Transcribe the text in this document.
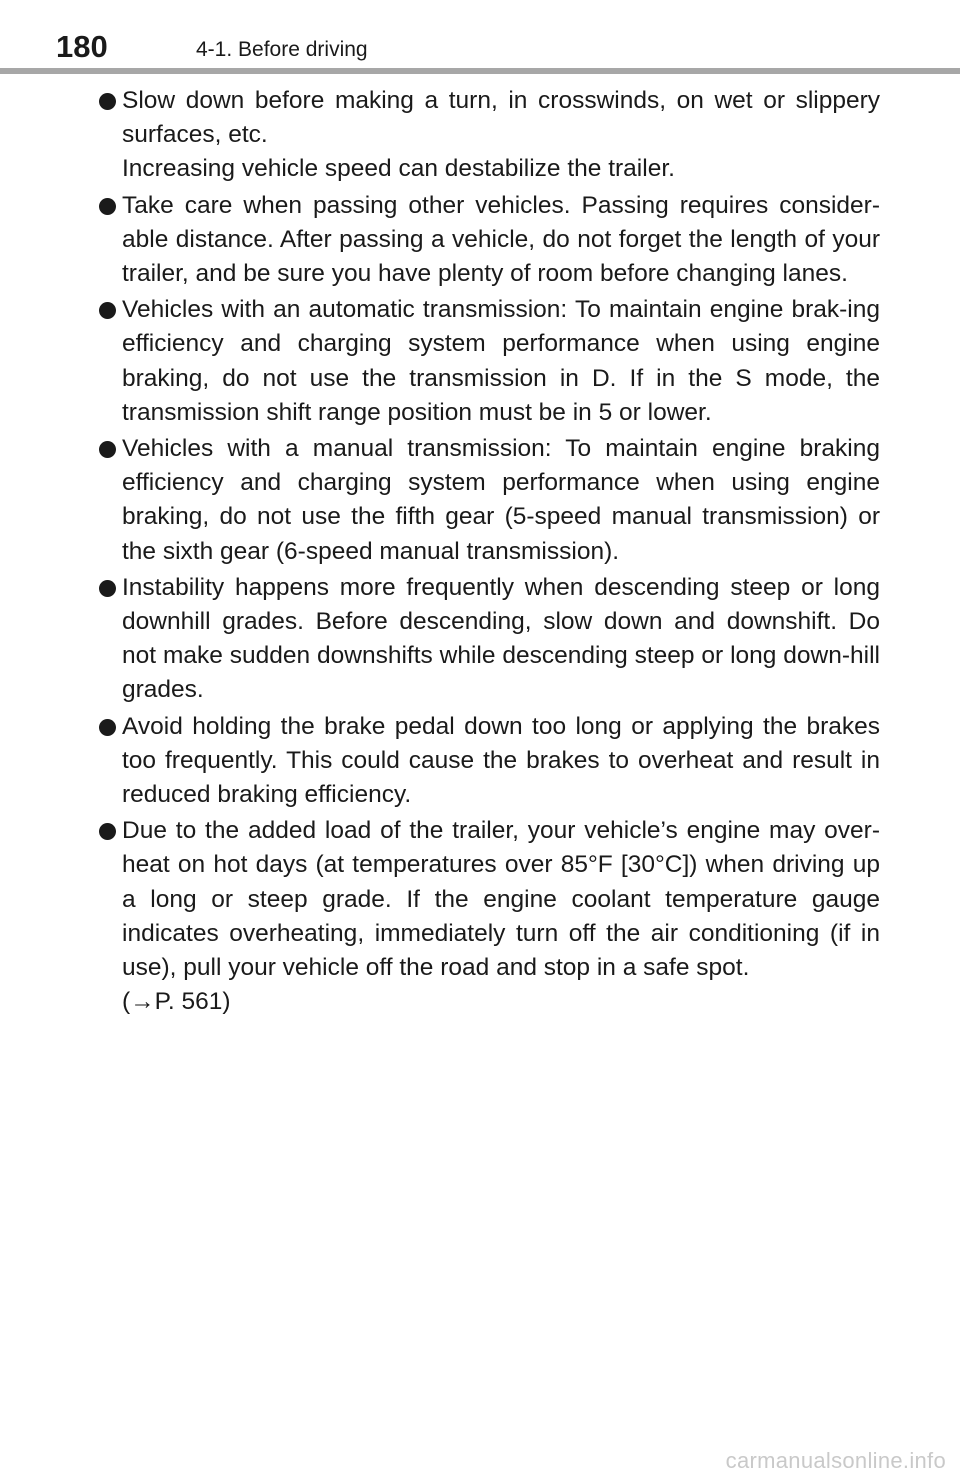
180	4-1. Before driving
Slow down before making a turn, in crosswinds, on wet or slippery surfaces, etc.
Increasing vehicle speed can destabilize the trailer.
Take care when passing other vehicles. Passing requires consider-able distance. After passing a vehicle, do not forget the length of your trailer, and be sure you have plenty of room before changing lanes.
Vehicles with an automatic transmission: To maintain engine brak-ing efficiency and charging system performance when using engine braking, do not use the transmission in D. If in the S mode, the transmission shift range position must be in 5 or lower.
Vehicles with a manual transmission: To maintain engine braking efficiency and charging system performance when using engine braking, do not use the fifth gear (5-speed manual transmission) or the sixth gear (6-speed manual transmission).
Instability happens more frequently when descending steep or long downhill grades. Before descending, slow down and downshift. Do not make sudden downshifts while descending steep or long down-hill grades.
Avoid holding the brake pedal down too long or applying the brakes too frequently. This could cause the brakes to overheat and result in reduced braking efficiency.
Due to the added load of the trailer, your vehicle’s engine may over-heat on hot days (at temperatures over 85°F [30°C]) when driving up a long or steep grade. If the engine coolant temperature gauge indicates overheating, immediately turn off the air conditioning (if in use), pull your vehicle off the road and stop in a safe spot.
(→P. 561)
carmanualsonline.info
